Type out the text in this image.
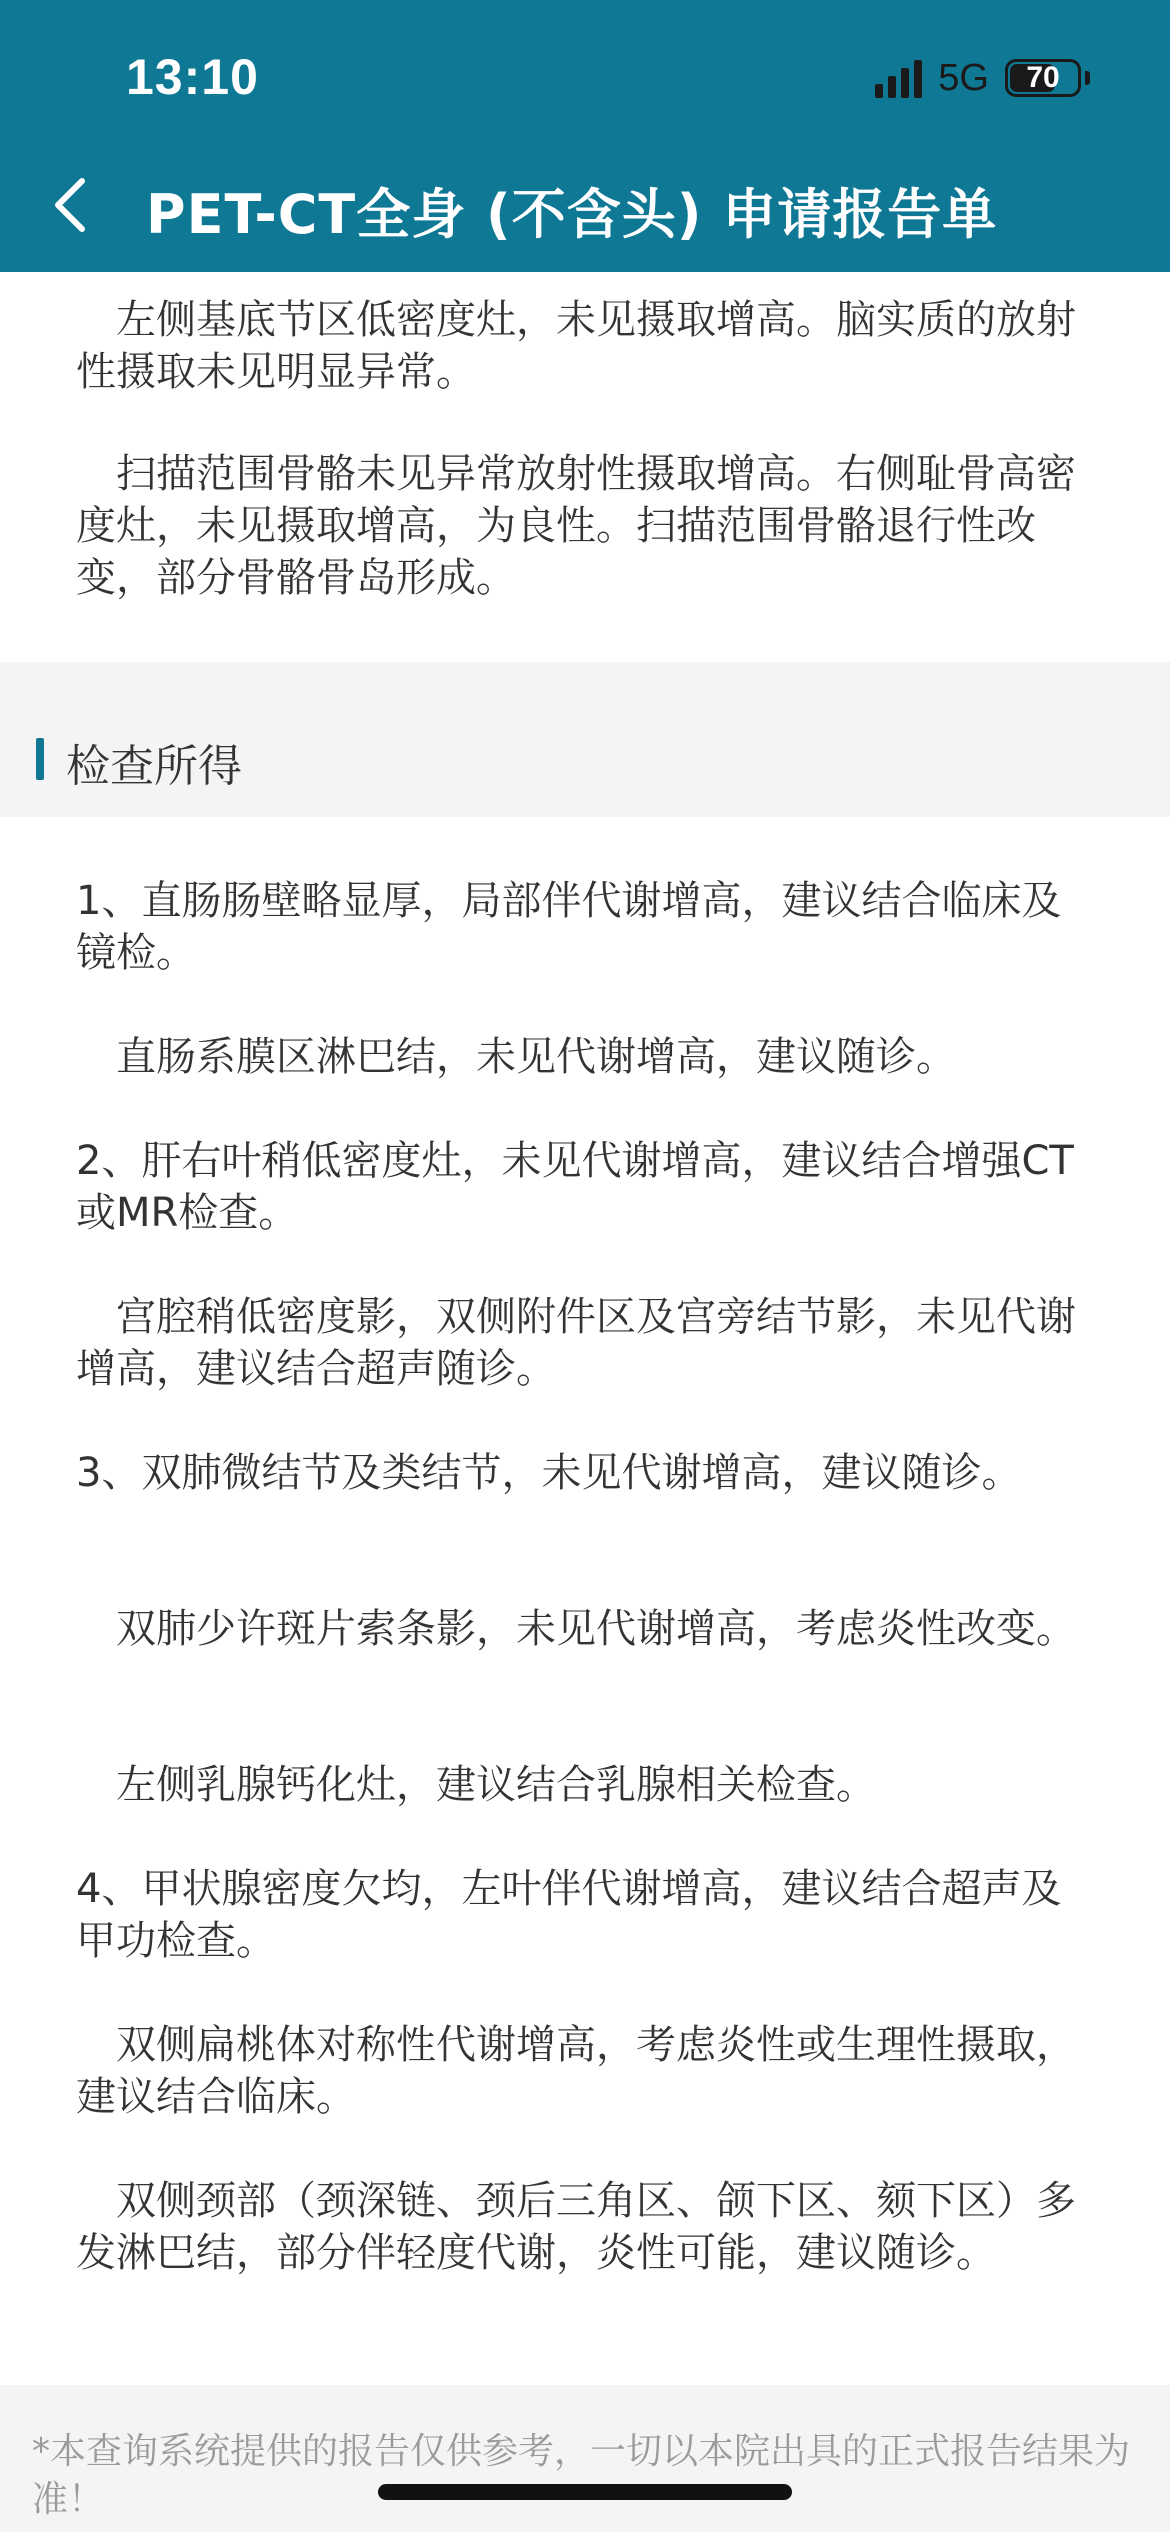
13:10	5G	70
PET-CT全身 (不含头) 申请报告单

左侧基底节区低密度灶，未见摄取增高。脑实质的放射性摄取未见明显异常。

扫描范围骨骼未见异常放射性摄取增高。右侧耻骨高密度灶，未见摄取增高，为良性。扫描范围骨骼退行性改变，部分骨骼骨岛形成。

检查所得

1、直肠肠壁略显厚，局部伴代谢增高，建议结合临床及镜检。

直肠系膜区淋巴结，未见代谢增高，建议随诊。

2、肝右叶稍低密度灶，未见代谢增高，建议结合增强CT或MR检查。

宫腔稍低密度影，双侧附件区及宫旁结节影，未见代谢增高，建议结合超声随诊。

3、双肺微结节及类结节，未见代谢增高，建议随诊。

双肺少许斑片索条影，未见代谢增高，考虑炎性改变。

左侧乳腺钙化灶，建议结合乳腺相关检查。

4、甲状腺密度欠均，左叶伴代谢增高，建议结合超声及甲功检查。

双侧扁桃体对称性代谢增高，考虑炎性或生理性摄取，建议结合临床。

双侧颈部（颈深链、颈后三角区、颌下区、颏下区）多发淋巴结，部分伴轻度代谢，炎性可能，建议随诊。

*本查询系统提供的报告仅供参考，一切以本院出具的正式报告结果为准！
